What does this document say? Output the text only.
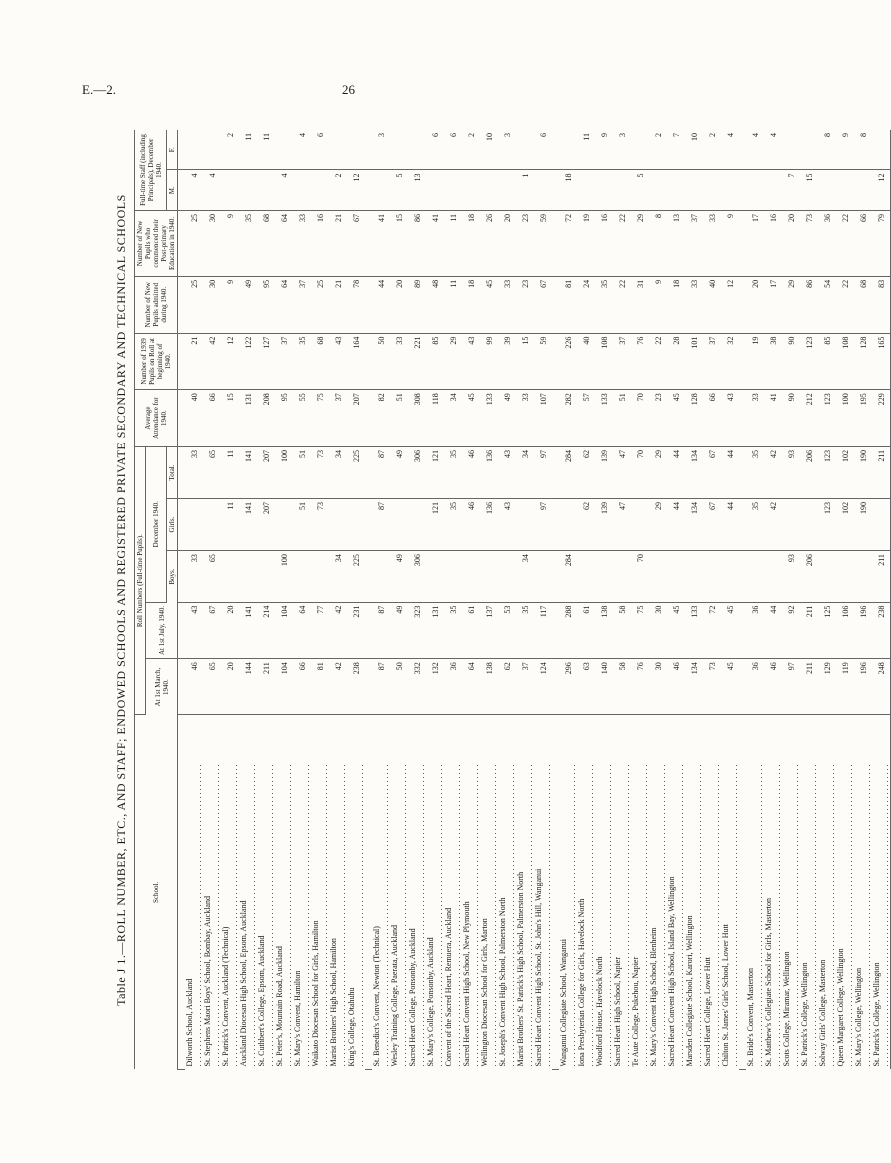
E.—2.	26
Table J 1.—ROLL NUMBER, ETC., AND STAFF; ENDOWED SCHOOLS AND REGISTERED PRIVATE SECONDARY AND TECHNICAL SCHOOLS	School.	Roll Numbers (Full-time Pupils).					Average Attendance for 1940.	Number of 1939 Pupils on Roll at beginning of 1940.	Number of New Pupils admitted during 1940.	Number of New Pupils who commenced their Post-primary Education in 1940.	Full-time Staff (including Principals), December 1940.	
	At 1st March, 1940.	At 1st July, 1940.	December 1940.								
			Boys.	Girls.	Total.					M.	F.

Dilworth School, Auckland
. . .	46	43	33		33	40	21	25	25	4	

St. Stephens Maori Boys' School, Bombay, Auckland
. . .	65	67	65		65	66	42	30	30	4	

St. Patrick's Convent, Auckland (Technical)
. . .	20	20		11	11	15	12	9	9		2

Auckland Diocesan High School, Epsom, Auckland
. . .	144	141		141	141	131	122	49	35		11

St. Cuthbert's College, Epsom, Auckland
. . .	211	214		207	207	208	127	95	68		11

St. Peter's, Mountain Road, Auckland
. . .	104	104	100		100	95	37	64	64	4	

St. Mary's Convent, Hamilton
. . .	66	64		51	51	55	35	37	33		4

Waikato Diocesan School for Girls, Hamilton
. . .	81	77		73	73	75	68	25	16		6

Marist Brothers' High School, Hamilton
. . .	42	42	34		34	37	43	21	21	2	

King's College, Otahuhu
. . .	238	231	225		225	207	164	78	67	12	

St. Benedict's Convent, Newton (Technical)
. . .	87	87		87	87	82	50	44	41		3

Wesley Training College, Paerata, Auckland
. . .	50	49	49		49	51	33	20	15	5	

Sacred Heart College, Ponsonby, Auckland
. . .	332	323	306		306	308	221	89	86	13	

St. Mary's College, Ponsonby, Auckland
. . .	132	131		121	121	118	85	48	41		6

Convent of the Sacred Heart, Remuera, Auckland
. . .	36	35		35	35	34	29	11	11		6

Sacred Heart Convent High School, New Plymouth
. . .	64	61		46	46	45	43	18	18		2

Wellington Diocesan School for Girls, Marton
. . .	138	137		136	136	133	99	45	26		10

St. Joseph's Convent High School, Palmerston North
. . .	62	53		43	43	49	39	33	20		3

Marist Brothers' St. Patrick's High School, Palmerston North
. . .	37	35	34		34	33	15	23	23	1	

Sacred Heart Convent High School, St. John's Hill, Wanganui
. . .	124	117		97	97	107	59	67	59		6

Wanganui Collegiate School, Wanganui
. . .	296	288	284		284	282	226	81	72	18	

Iona Presbyterian College for Girls, Havelock North
. . .	63	61		62	62	57	40	24	19		11

Woodford House, Havelock North
. . .	140	138		139	139	133	108	35	16		9

Sacred Heart High School, Napier
. . .	58	58		47	47	51	37	22	22		3

Te Aute College, Pukehou, Napier
. . .	76	75	70		70	70	76	31	29	5	

St. Mary's Convent High School, Blenheim
. . .	30	30		29	29	23	22	9	8		2

Sacred Heart Convent High School, Island Bay, Wellington
. . .	46	45		44	44	45	28	18	13		7

Marsden Collegiate School, Karori, Wellington
. . .	134	133		134	134	128	101	33	37		10

Sacred Heart College, Lower Hutt
. . .	73	72		67	67	66	37	40	33		2

Chilton St. James' Girls' School, Lower Hutt
. . .	45	45		44	44	43	32	12	9		4

St. Bride's Convent, Masterton
. . .	36	36		35	35	33	19	20	17		4

St. Matthew's Collegiate School for Girls, Masterton
. . .	46	44		42	42	41	38	17	16		4

Scots College, Miramar, Wellington
. . .	97	92	93		93	90	90	29	20	7	

St. Patrick's College, Wellington
. . .	211	211	206		206	212	123	86	73	15	

Solway Girls' College, Masterton
. . .	129	125		123	123	123	85	54	36		8

Queen Margaret College, Wellington
. . .	119	106		102	102	100	108	22	22		9

St. Mary's College, Wellington
. . .	196	196		190	190	195	128	68	66		8

St. Patrick's College, Wellington
. . .	248	238	211		211	229	165	83	79	12	
